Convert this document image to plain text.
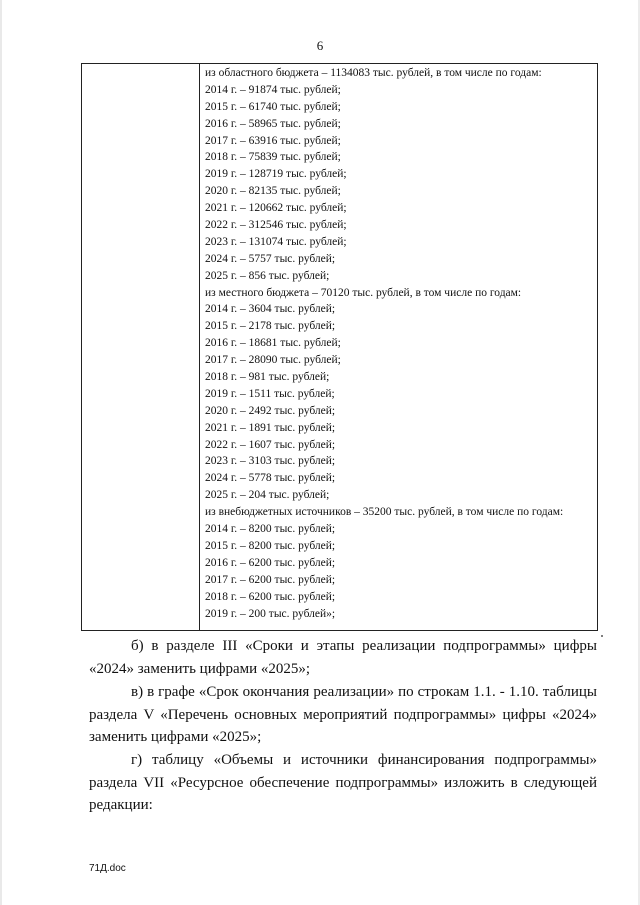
6
из областного бюджета – 1134083 тыс. рублей, в том числе по годам:
2014 г. – 91874 тыс. рублей;
2015 г. – 61740 тыс. рублей;
2016 г. – 58965 тыс. рублей;
2017 г. – 63916 тыс. рублей;
2018 г. – 75839 тыс. рублей;
2019 г. – 128719 тыс. рублей;
2020 г. – 82135 тыс. рублей;
2021 г. – 120662 тыс. рублей;
2022 г. – 312546 тыс. рублей;
2023 г. – 131074 тыс. рублей;
2024 г. – 5757 тыс. рублей;
2025 г. – 856 тыс. рублей;
из местного бюджета – 70120 тыс. рублей, в том числе по годам:
2014 г. – 3604 тыс. рублей;
2015 г. – 2178 тыс. рублей;
2016 г. – 18681 тыс. рублей;
2017 г. – 28090 тыс. рублей;
2018 г. – 981 тыс. рублей;
2019 г. – 1511 тыс. рублей;
2020 г. – 2492 тыс. рублей;
2021 г. – 1891 тыс. рублей;
2022 г. – 1607 тыс. рублей;
2023 г. – 3103 тыс. рублей;
2024 г. – 5778 тыс. рублей;
2025 г. – 204 тыс. рублей;
из внебюджетных источников – 35200 тыс. рублей, в том числе по годам:
2014 г. – 8200 тыс. рублей;
2015 г. – 8200 тыс. рублей;
2016 г. – 6200 тыс. рублей;
2017 г. – 6200 тыс. рублей;
2018 г. – 6200 тыс. рублей;
2019 г. – 200 тыс. рублей»;
б) в разделе III «Сроки и этапы реализации подпрограммы» цифры «2024» заменить цифрами «2025»;
в) в графе «Срок окончания реализации» по строкам 1.1. - 1.10. таблицы раздела V «Перечень основных мероприятий подпрограммы» цифры «2024» заменить цифрами «2025»;
г) таблицу «Объемы и источники финансирования подпрограммы» раздела VII «Ресурсное обеспечение подпрограммы» изложить в следующей редакции:
71Д.doc
